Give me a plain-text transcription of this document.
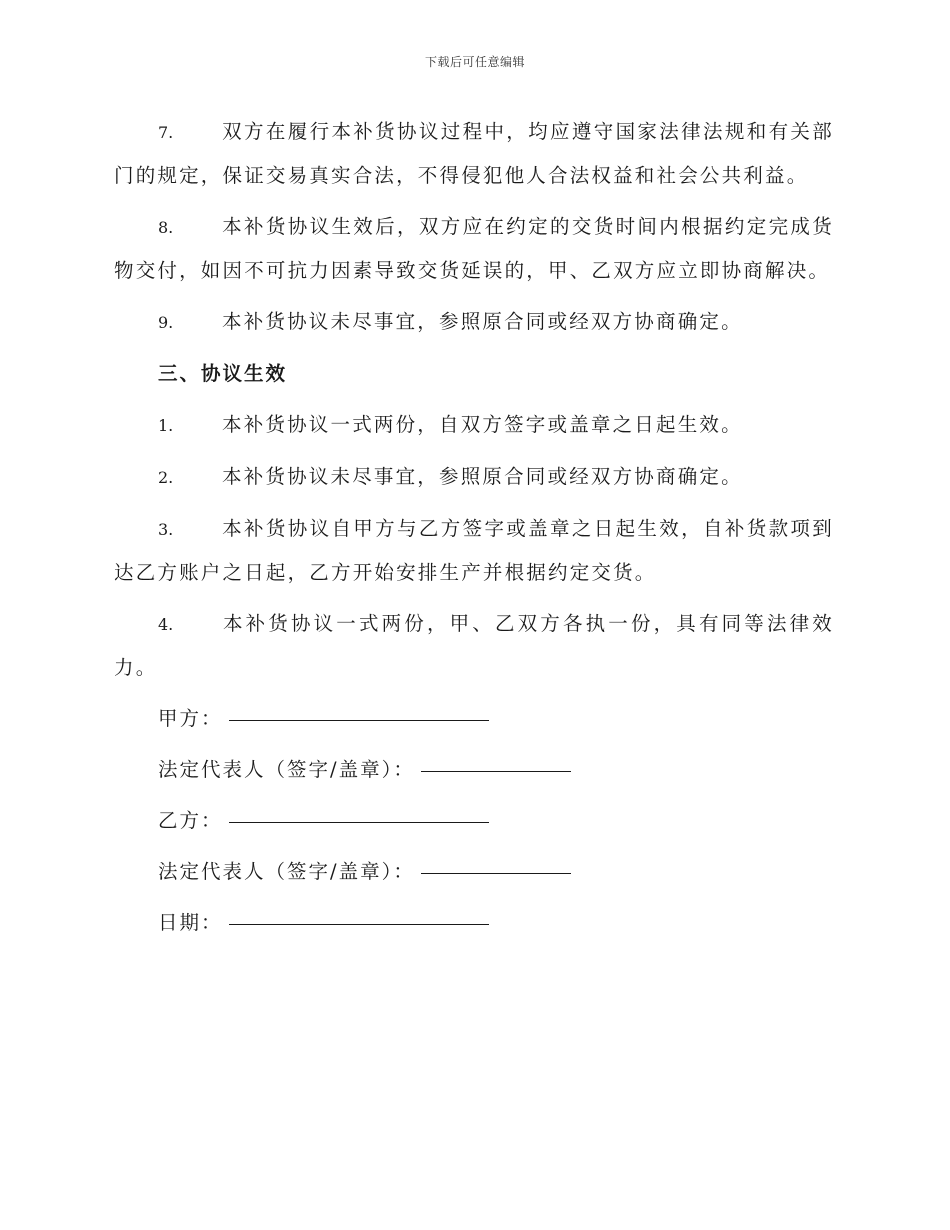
下载后可任意编辑

7. 双方在履行本补货协议过程中，均应遵守国家法律法规和有关部门的规定，保证交易真实合法，不得侵犯他人合法权益和社会公共利益。

8. 本补货协议生效后，双方应在约定的交货时间内根据约定完成货物交付，如因不可抗力因素导致交货延误的，甲、乙双方应立即协商解决。

9. 本补货协议未尽事宜，参照原合同或经双方协商确定。

三、协议生效

1. 本补货协议一式两份，自双方签字或盖章之日起生效。

2. 本补货协议未尽事宜，参照原合同或经双方协商确定。

3. 本补货协议自甲方与乙方签字或盖章之日起生效，自补货款项到达乙方账户之日起，乙方开始安排生产并根据约定交货。

4. 本补货协议一式两份，甲、乙双方各执一份，具有同等法律效力。

甲方：
法定代表人（签字/盖章）：
乙方：
法定代表人（签字/盖章）：
日期：
